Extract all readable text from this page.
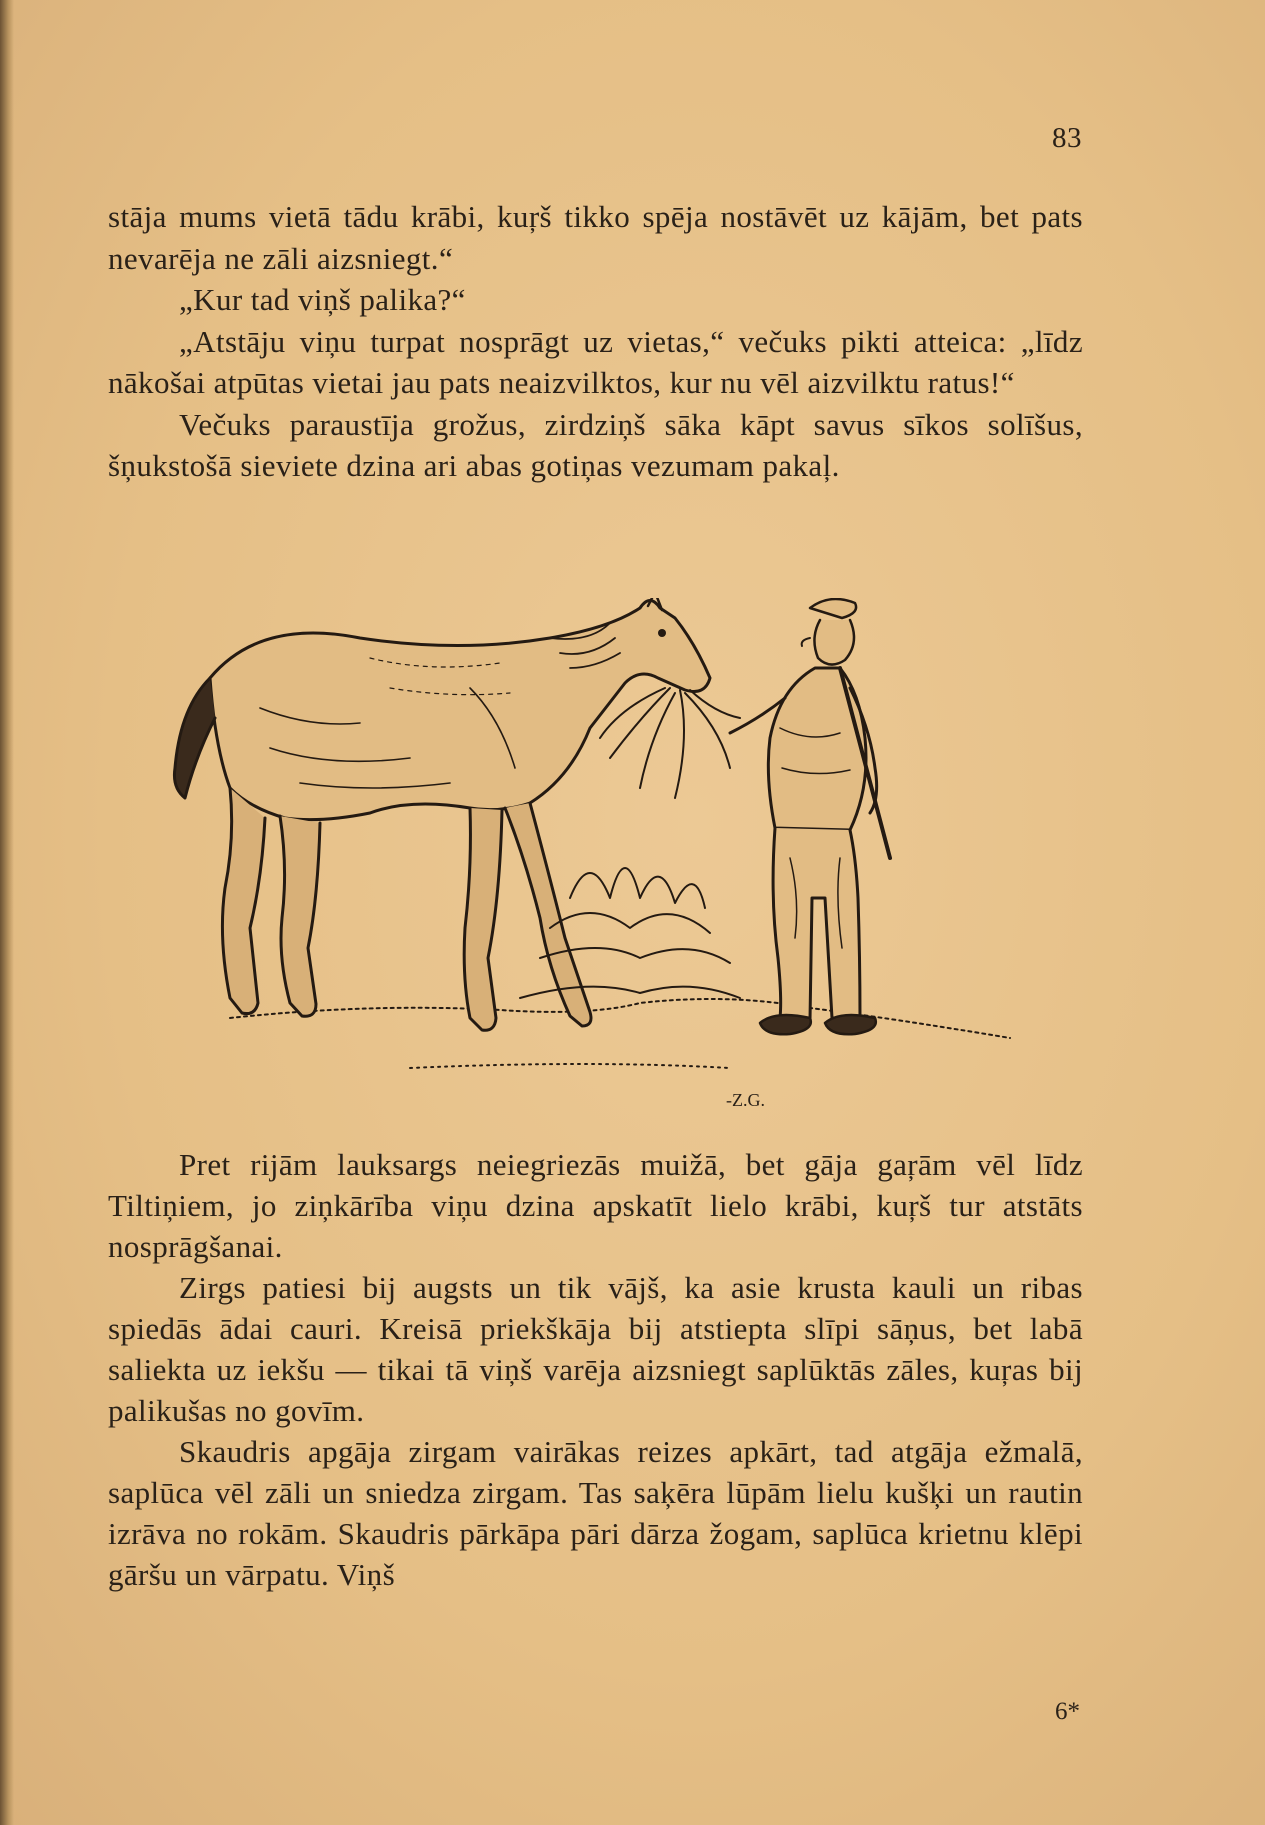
83

stāja mums vietā tādu krābi, kuŗš tikko spēja nostāvēt uz kājām, bet pats nevarēja ne zāli aizsniegt.“

„Kur tad viņš palika?“

„Atstāju viņu turpat nosprāgt uz vietas,“ večuks pikti atteica: „līdz nākošai atpūtas vietai jau pats neaizvilktos, kur nu vēl aizvilktu ratus!“

Večuks paraustīja grožus, zirdziņš sāka kāpt savus sīkos solīšus, šņukstošā sieviete dzina ari abas gotiņas vezumam pakaļ.

-Z.G.

Pret rijām lauksargs neiegriezās muižā, bet gāja gaŗām vēl līdz Tiltiņiem, jo ziņkārība viņu dzina apskatīt lielo krābi, kuŗš tur atstāts nosprāgšanai.

Zirgs patiesi bij augsts un tik vājš, ka asie krusta kauli un ribas spiedās ādai cauri. Kreisā priekškāja bij atstiepta slīpi sāņus, bet labā saliekta uz iekšu — tikai tā viņš varēja aizsniegt saplūktās zāles, kuŗas bij palikušas no govīm.

Skaudris apgāja zirgam vairākas reizes apkārt, tad atgāja ežmalā, saplūca vēl zāli un sniedza zirgam. Tas saķēra lūpām lielu kušķi un rautin izrāva no rokām. Skaudris pārkāpa pāri dārza žogam, saplūca krietnu klēpi gāršu un vārpatu. Viņš

6*
